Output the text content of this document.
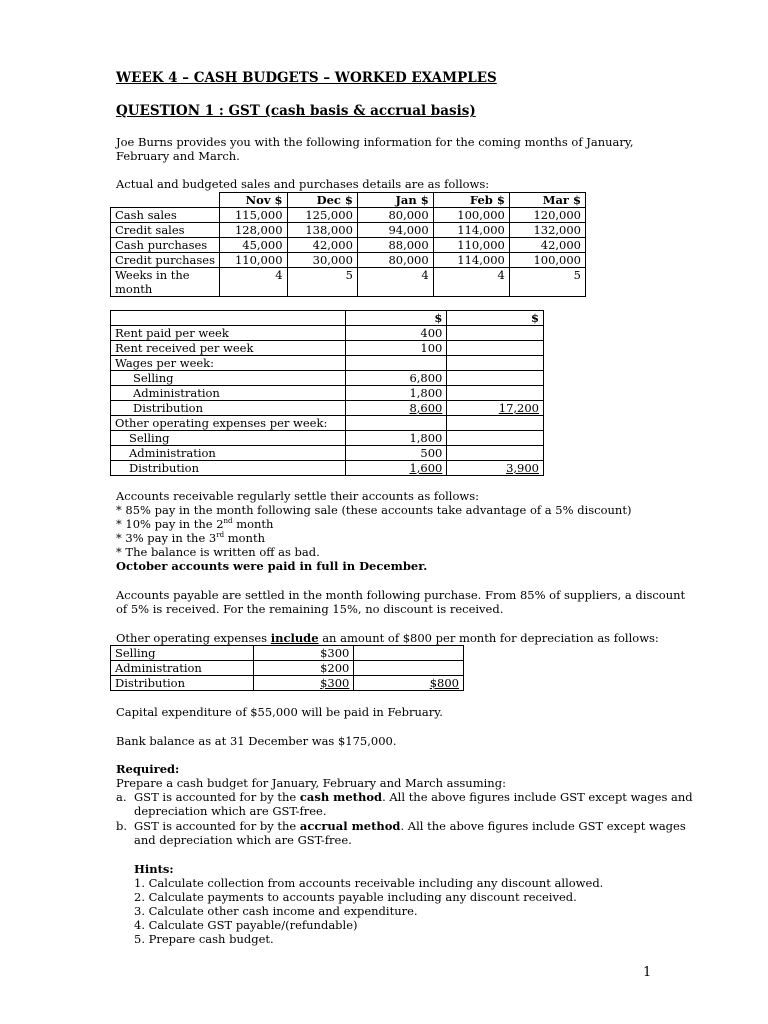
WEEK 4 – CASH BUDGETS – WORKED EXAMPLES
QUESTION 1 : GST (cash basis & accrual basis)
Joe Burns provides you with the following information for the coming months of January,
February and March.
Actual and budgeted sales and purchases details are as follows:
	Nov $	Dec $	Jan $	Feb $	Mar $
Cash sales	115,000	125,000	80,000	100,000	120,000
Credit sales	128,000	138,000	94,000	114,000	132,000
Cash purchases	45,000	42,000	88,000	110,000	42,000
Credit purchases	110,000	30,000	80,000	114,000	100,000
Weeks in the
month	4	5	4	4	5
	$	$
Rent paid per week	400	
Rent received per week	100	
Wages per week:		
Selling	6,800	
Administration	1,800	
Distribution	8,600	17,200
Other operating expenses per week:		
Selling	1,800	
Administration	500	
Distribution	1,600	3,900
Accounts receivable regularly settle their accounts as follows:
* 85% pay in the month following sale (these accounts take advantage of a 5% discount)
* 10% pay in the 2nd month
* 3% pay in the 3rd month
* The balance is written off as bad.
October accounts were paid in full in December.
Accounts payable are settled in the month following purchase. From 85% of suppliers, a discount
of 5% is received. For the remaining 15%, no discount is received.
Other operating expenses include an amount of $800 per month for depreciation as follows:
Selling	$300	
Administration	$200	
Distribution	$300	$800
Capital expenditure of $55,000 will be paid in February.
Bank balance as at 31 December was $175,000.
Required:
Prepare a cash budget for January, February and March assuming:
a. GST is accounted for by the cash method. All the above figures include GST except wages and
depreciation which are GST-free.
b. GST is accounted for by the accrual method. All the above figures include GST except wages
and depreciation which are GST-free.
Hints:
1. Calculate collection from accounts receivable including any discount allowed.
2. Calculate payments to accounts payable including any discount received.
3. Calculate other cash income and expenditure.
4. Calculate GST payable/(refundable)
5. Prepare cash budget.
1
